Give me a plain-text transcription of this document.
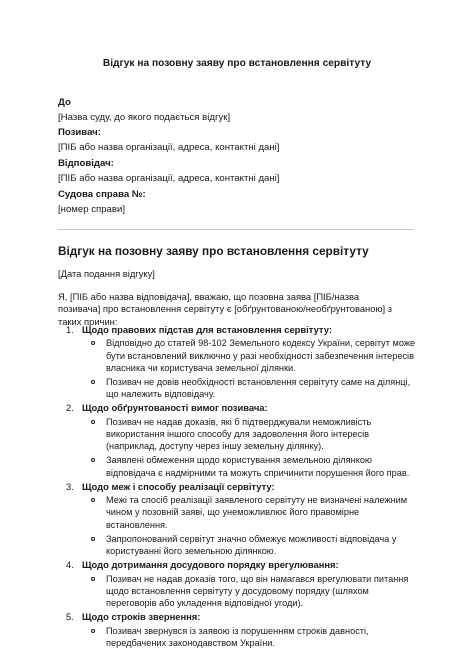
Відгук на позовну заяву про встановлення сервітуту
До
[Назва суду, до якого подається відгук]
Позивач:
[ПІБ або назва організації, адреса, контактні дані]
Відповідач:
[ПІБ або назва організації, адреса, контактні дані]
Судова справа №:
[номер справи]
Відгук на позовну заяву про встановлення сервітуту
[Дата подання відгуку]
Я, [ПІБ або назва відповідача], вважаю, що позовна заява [ПІБ/назва позивача] про встановлення сервітуту є [обґрунтованою/необґрунтованою] з таких причин:
1. Щодо правових підстав для встановлення сервітуту:
Відповідно до статей 98-102 Земельного кодексу України, сервітут може бути встановлений виключно у разі необхідності забезпечення інтересів власника чи користувача земельної ділянки.
Позивач не довів необхідності встановлення сервітуту саме на ділянці, що належить відповідачу.
2. Щодо обґрунтованості вимог позивача:
Позивач не надав доказів, які б підтверджували неможливість використання іншого способу для задоволення його інтересів (наприклад, доступу через іншу земельну ділянку).
Заявлені обмеження щодо користування земельною ділянкою відповідача є надмірними та можуть спричинити порушення його прав.
3. Щодо меж і способу реалізації сервітуту:
Межі та спосіб реалізації заявленого сервітуту не визначені належним чином у позовній заяві, що унеможливлює його правомірне встановлення.
Запропонований сервітут значно обмежує можливості відповідача у користуванні його земельною ділянкою.
4. Щодо дотримання досудового порядку врегулювання:
Позивач не надав доказів того, що він намагався врегулювати питання щодо встановлення сервітуту у досудовому порядку (шляхом переговорів або укладення відповідної угоди).
5. Щодо строків звернення:
Позивач звернувся із заявою із порушенням строків давності, передбачених законодавством України.
